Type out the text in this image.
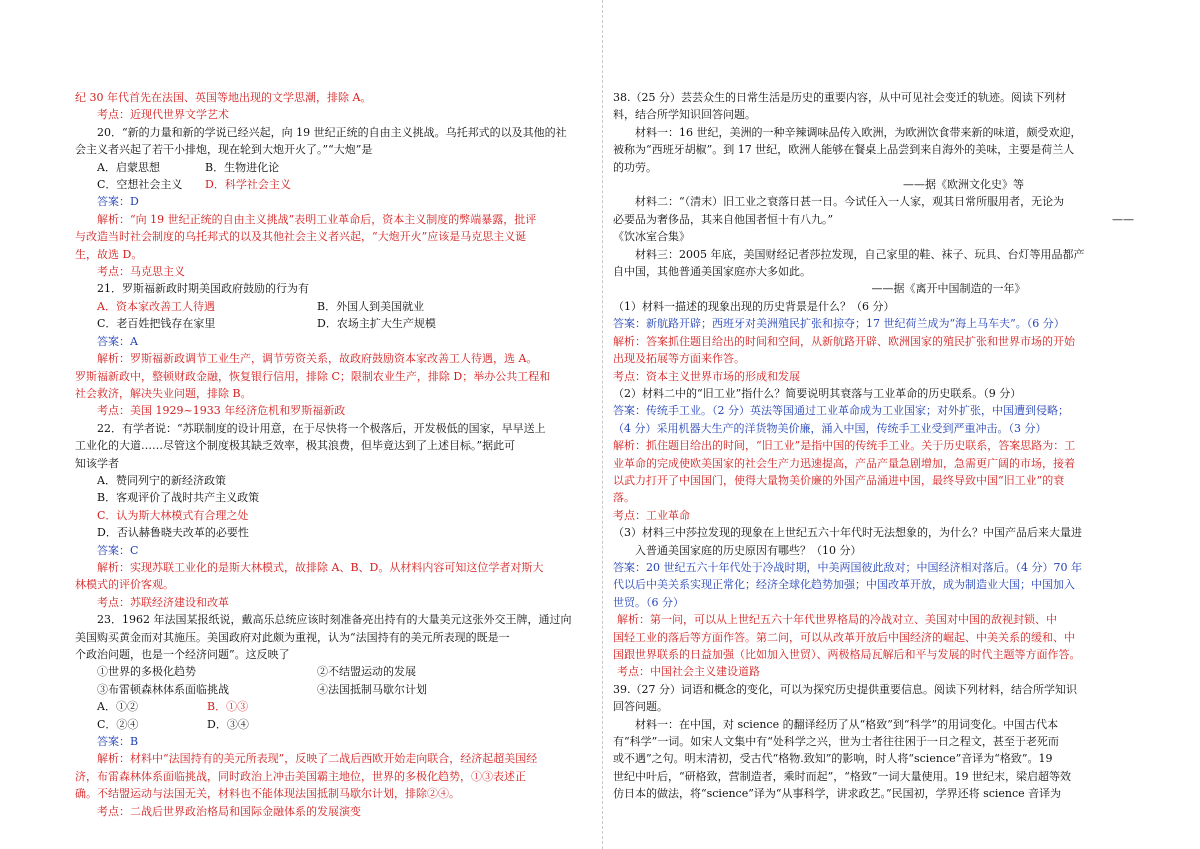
纪 30 年代首先在法国、英国等地出现的文学思潮，排除 A。

考点：近现代世界文学艺术

20．“新的力量和新的学说已经兴起，向 19 世纪正统的自由主义挑战。乌托邦式的以及其他的社

会主义者兴起了若干小排炮，现在轮到大炮开火了。”“大炮”是

A．启蒙思想	B．生物进化论
C．空想社会主义	D．科学社会主义

答案：D

解析：“向 19 世纪正统的自由主义挑战”表明工业革命后，资本主义制度的弊端暴露，批评

与改造当时社会制度的乌托邦式的以及其他社会主义者兴起，“大炮开火”应该是马克思主义诞

生，故选 D。

考点：马克思主义

21．罗斯福新政时期美国政府鼓励的行为有

A．资本家改善工人待遇	B．外国人到美国就业
C．老百姓把钱存在家里	D．农场主扩大生产规模

答案：A

解析：罗斯福新政调节工业生产，调节劳资关系，故政府鼓励资本家改善工人待遇，选 A。

罗斯福新政中，整顿财政金融，恢复银行信用，排除 C；限制农业生产，排除 D；举办公共工程和

社会救济，解决失业问题，排除 B。

考点：美国 1929~1933 年经济危机和罗斯福新政

22．有学者说：“苏联制度的设计用意，在于尽快将一个极落后，开发极低的国家，早早送上

工业化的大道……尽管这个制度极其缺乏效率，极其浪费，但毕竟达到了上述目标。”据此可

知该学者

A．赞同列宁的新经济政策

B．客观评价了战时共产主义政策

C．认为斯大林模式有合理之处

D．否认赫鲁晓夫改革的必要性

答案：C

解析：实现苏联工业化的是斯大林模式，故排除 A、B、D。从材料内容可知这位学者对斯大

林模式的评价客观。

考点：苏联经济建设和改革

23．1962 年法国某报纸说，戴高乐总统应该时刻准备亮出持有的大量美元这张外交王牌，通过向

美国购买黄金而对其施压。美国政府对此颇为重视，认为“法国持有的美元所表现的既是一

个政治问题，也是一个经济问题”。这反映了

①世界的多极化趋势	②不结盟运动的发展
③布雷顿森林体系面临挑战	④法国抵制马歇尔计划
A．①②	B．①③
C．②④	D．③④

答案：B

解析：材料中“法国持有的美元所表现”，反映了二战后西欧开始走向联合，经济起超美国经

济，布雷森林体系面临挑战，同时政治上冲击美国霸主地位，世界的多极化趋势，①③表述正

确。不结盟运动与法国无关，材料也不能体现法国抵制马歇尔计划，排除②④。

考点：二战后世界政治格局和国际金融体系的发展演变

38.（25 分）芸芸众生的日常生活是历史的重要内容，从中可见社会变迁的轨迹。阅读下列材

料，结合所学知识回答问题。

材料一：16 世纪，美洲的一种辛辣调味品传入欧洲，为欧洲饮食带来新的味道，颇受欢迎，

被称为“西班牙胡椒”。到 17 世纪，欧洲人能够在餐桌上品尝到来自海外的美味，主要是荷兰人

的功劳。

——据《欧洲文化史》等

材料二：“（清末）旧工业之衰落日甚一日。今试任入一人家，观其日常所服用者，无论为

必要品为奢侈品，其来自他国者恒十有八九。”	——

《饮冰室合集》

材料三：2005 年底，美国财经记者莎拉发现，自己家里的鞋、袜子、玩具、台灯等用品都产

自中国，其他普通美国家庭亦大多如此。

——据《离开中国制造的一年》

（1）材料一描述的现象出现的历史背景是什么？（6 分）

答案：新航路开辟；西班牙对美洲殖民扩张和掠夺；17 世纪荷兰成为“海上马车夫”。（6 分）

解析：答案抓住题目给出的时间和空间，从新航路开辟、欧洲国家的殖民扩张和世界市场的开始

出现及拓展等方面来作答。

考点：资本主义世界市场的形成和发展

（2）材料二中的“旧工业”指什么？简要说明其衰落与工业革命的历史联系。（9 分）

答案：传统手工业。（2 分）英法等国通过工业革命成为工业国家；对外扩张，中国遭到侵略；

（4 分）采用机器大生产的洋货物美价廉，涌入中国，传统手工业受到严重冲击。（3 分）

解析：抓住题目给出的时间，“旧工业”是指中国的传统手工业。关于历史联系，答案思路为：工

业革命的完成使欧美国家的社会生产力迅速提高，产品产量急剧增加，急需更广阔的市场，接着

以武力打开了中国国门，使得大量物美价廉的外国产品涌进中国，最终导致中国“旧工业”的衰

落。

考点：工业革命

（3）材料三中莎拉发现的现象在上世纪五六十年代时无法想象的，为什么？中国产品后来大量进

入普通美国家庭的历史原因有哪些？（10 分）

答案：20 世纪五六十年代处于冷战时期，中美两国彼此敌对；中国经济相对落后。（4 分）70 年

代以后中美关系实现正常化；经济全球化趋势加强；中国改革开放，成为制造业大国；中国加入

世贸。（6 分）

解析：第一问，可以从上世纪五六十年代世界格局的冷战对立、美国对中国的敌视封锁、中

国轻工业的落后等方面作答。第二问，可以从改革开放后中国经济的崛起、中美关系的缓和、中

国跟世界联系的日益加强（比如加入世贸）、两极格局瓦解后和平与发展的时代主题等方面作答。

考点：中国社会主义建设道路

39.（27 分）词语和概念的变化，可以为探究历史提供重要信息。阅读下列材料，结合所学知识

回答问题。

材料一：在中国，对 science 的翻译经历了从“格致”到“科学”的用词变化。中国古代本

有“科学”一词。如宋人文集中有“处科学之兴，世为士者往往困于一日之程文，甚至于老死而

或不遇”之句。明末清初，受古代“格物.致知”的影响，时人将“science”音译为“格致”。19

世纪中叶后，“研格致，营制造者，乘时而起”，“格致”一词大量使用。19 世纪末，梁启超等效

仿日本的做法，将“science”译为“从事科学，讲求政艺。”民国初，学界还将 science 音译为
